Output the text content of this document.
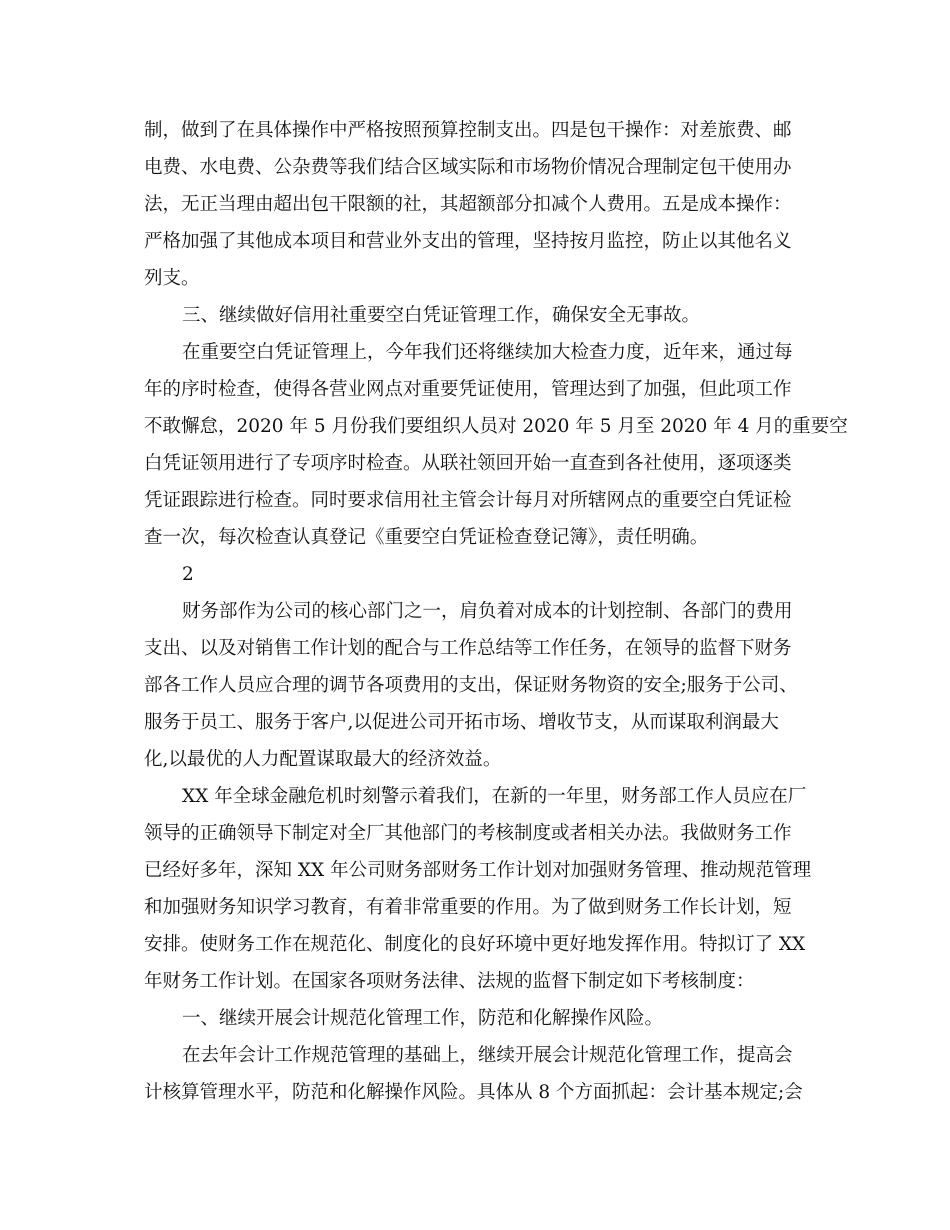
制，做到了在具体操作中严格按照预算控制支出。四是包干操作：对差旅费、邮

电费、水电费、公杂费等我们结合区域实际和市场物价情况合理制定包干使用办

法，无正当理由超出包干限额的社，其超额部分扣减个人费用。五是成本操作：

严格加强了其他成本项目和营业外支出的管理，坚持按月监控，防止以其他名义

列支。

三、继续做好信用社重要空白凭证管理工作，确保安全无事故。

在重要空白凭证管理上，今年我们还将继续加大检查力度，近年来，通过每

年的序时检查，使得各营业网点对重要凭证使用，管理达到了加强，但此项工作

不敢懈怠，2020 年 5 月份我们要组织人员对 2020 年 5 月至 2020 年 4 月的重要空

白凭证领用进行了专项序时检查。从联社领回开始一直查到各社使用，逐项逐类

凭证跟踪进行检查。同时要求信用社主管会计每月对所辖网点的重要空白凭证检

查一次，每次检查认真登记《重要空白凭证检查登记簿》，责任明确。

2

财务部作为公司的核心部门之一，肩负着对成本的计划控制、各部门的费用

支出、以及对销售工作计划的配合与工作总结等工作任务，在领导的监督下财务

部各工作人员应合理的调节各项费用的支出，保证财务物资的安全;服务于公司、

服务于员工、服务于客户,以促进公司开拓市场、增收节支，从而谋取利润最大

化,以最优的人力配置谋取最大的经济效益。

XX 年全球金融危机时刻警示着我们，在新的一年里，财务部工作人员应在厂

领导的正确领导下制定对全厂其他部门的考核制度或者相关办法。我做财务工作

已经好多年，深知 XX 年公司财务部财务工作计划对加强财务管理、推动规范管理

和加强财务知识学习教育，有着非常重要的作用。为了做到财务工作长计划，短

安排。使财务工作在规范化、制度化的良好环境中更好地发挥作用。特拟订了 XX

年财务工作计划。在国家各项财务法律、法规的监督下制定如下考核制度：

一、继续开展会计规范化管理工作，防范和化解操作风险。

在去年会计工作规范管理的基础上，继续开展会计规范化管理工作，提高会

计核算管理水平，防范和化解操作风险。具体从 8 个方面抓起：会计基本规定;会
